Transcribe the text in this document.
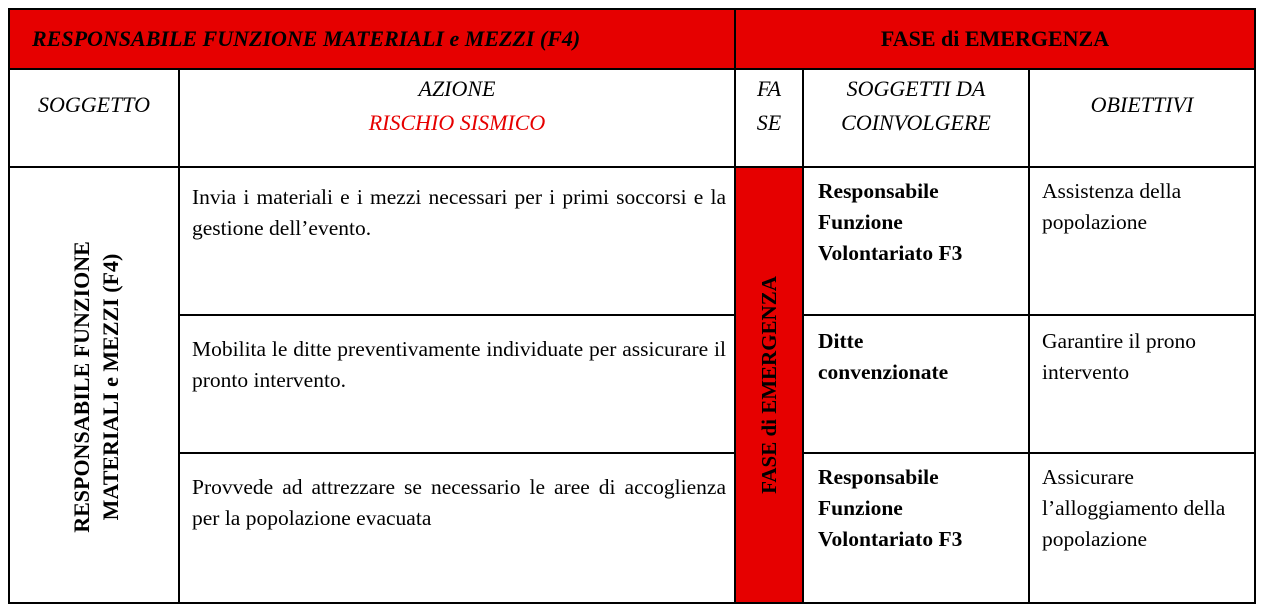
RESPONSABILE FUNZIONE MATERIALI e MEZZI (F4)	FASE di EMERGENZA
SOGGETTO
AZIONE
RISCHIO SISMICO
FA
SE
SOGGETTI DA
COINVOLGERE
OBIETTIVI
RESPONSABILE FUNZIONE MATERIALI e MEZZI (F4)	FASE di EMERGENZA
Invia i materiali e i mezzi necessari per i primi soccorsi e la gestione dell’evento.
Responsabile
Funzione
Volontariato F3
Assistenza della popolazione
Mobilita le ditte preventivamente individuate per assicurare il pronto intervento.
Ditte
convenzionate
Garantire il prono intervento
Provvede ad attrezzare se necessario le aree di accoglienza per la popolazione evacuata
Responsabile
Funzione
Volontariato F3
Assicurare l’alloggiamento della popolazione
